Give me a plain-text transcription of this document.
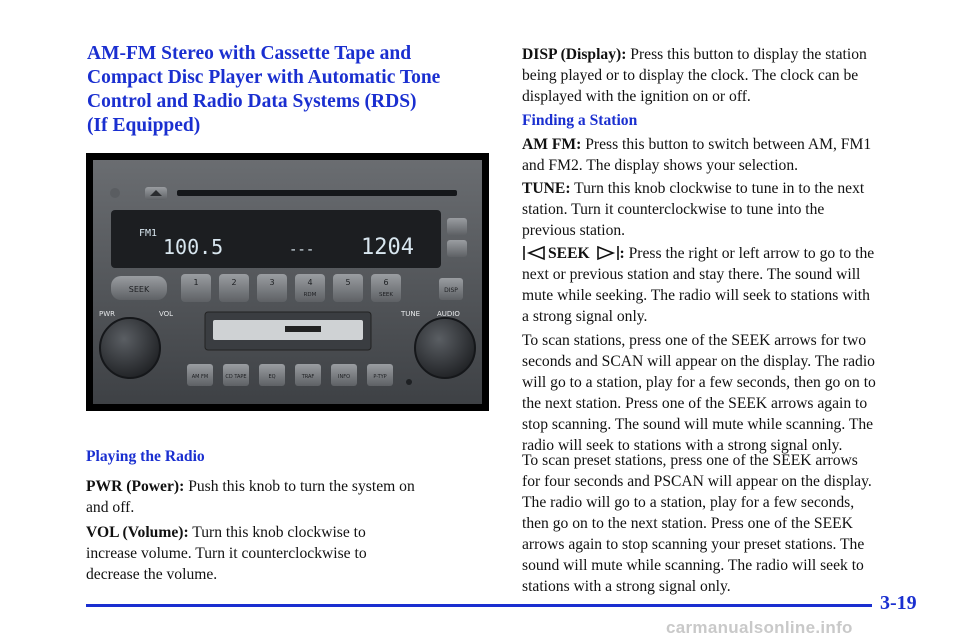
AM-FM Stereo with Cassette Tape and
Compact Disc Player with Automatic Tone
Control and Radio Data Systems (RDS)
(If Equipped)
FM1
100.5	--- 1204
SEEK
1	2	3	4
RDM
5	6
SEEK
DISP
PWR	VOL	TUNE AUDIO
AM FM	CD TAPE	EQ	TRAF	INFO	P-TYP
Playing the Radio

PWR (Power): Push this knob to turn the system on
and off.

VOL (Volume): Turn this knob clockwise to
increase volume. Turn it counterclockwise to
decrease the volume.

DISP (Display): Press this button to display the station
being played or to display the clock. The clock can be
displayed with the ignition on or off.

Finding a Station

AM FM: Press this button to switch between AM, FM1
and FM2. The display shows your selection.

TUNE: Turn this knob clockwise to tune in to the next
station. Turn it counterclockwise to tune into the
previous station.

SEEK : Press the right or left arrow to go to the
next or previous station and stay there. The sound will
mute while seeking. The radio will seek to stations with
a strong signal only.

To scan stations, press one of the SEEK arrows for two
seconds and SCAN will appear on the display. The radio
will go to a station, play for a few seconds, then go on to
the next station. Press one of the SEEK arrows again to
stop scanning. The sound will mute while scanning. The
radio will seek to stations with a strong signal only.

To scan preset stations, press one of the SEEK arrows
for four seconds and PSCAN will appear on the display.
The radio will go to a station, play for a few seconds,
then go on to the next station. Press one of the SEEK
arrows again to stop scanning your preset stations. The
sound will mute while scanning. The radio will seek to
stations with a strong signal only.

3-19
carmanualsonline.info
